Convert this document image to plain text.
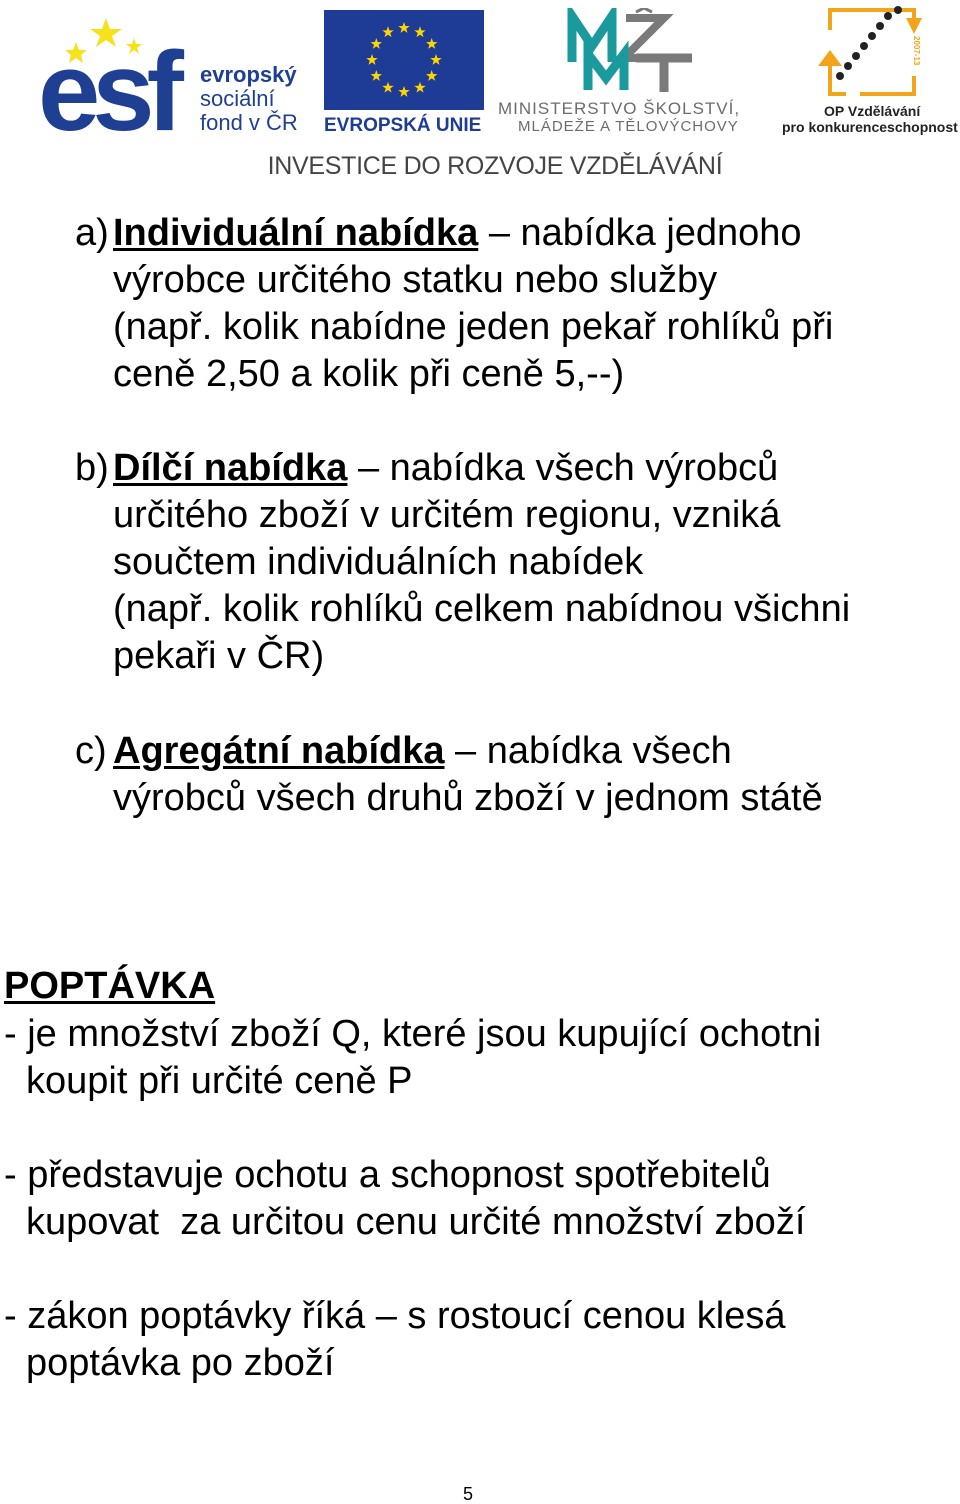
esf	evropský
sociální
fond v ČR EVROPSKÁ UNIE
MINISTERSTVO ŠKOLSTVÍ,
MLÁDEŽE A TĚLOVÝCHOVY
2007-13
OP Vzdělávání
pro konkurenceschopnost
INVESTICE DO ROZVOJE VZDĚLÁVÁNÍ
a) Individuální nabídka – nabídka jednoho
výrobce určitého statku nebo služby
(např. kolik nabídne jeden pekař rohlíků při
ceně 2,50 a kolik při ceně 5,--)
b) Dílčí nabídka – nabídka všech výrobců
určitého zboží v určitém regionu, vzniká
součtem individuálních nabídek
(např. kolik rohlíků celkem nabídnou všichni
pekaři v ČR)
c) Agregátní nabídka – nabídka všech
výrobců všech druhů zboží v jednom státě
POPTÁVKA
- je množství zboží Q, které jsou kupující ochotni
koupit při určité ceně P
- představuje ochotu a schopnost spotřebitelů
kupovat  za určitou cenu určité množství zboží
- zákon poptávky říká – s rostoucí cenou klesá
poptávka po zboží
5
